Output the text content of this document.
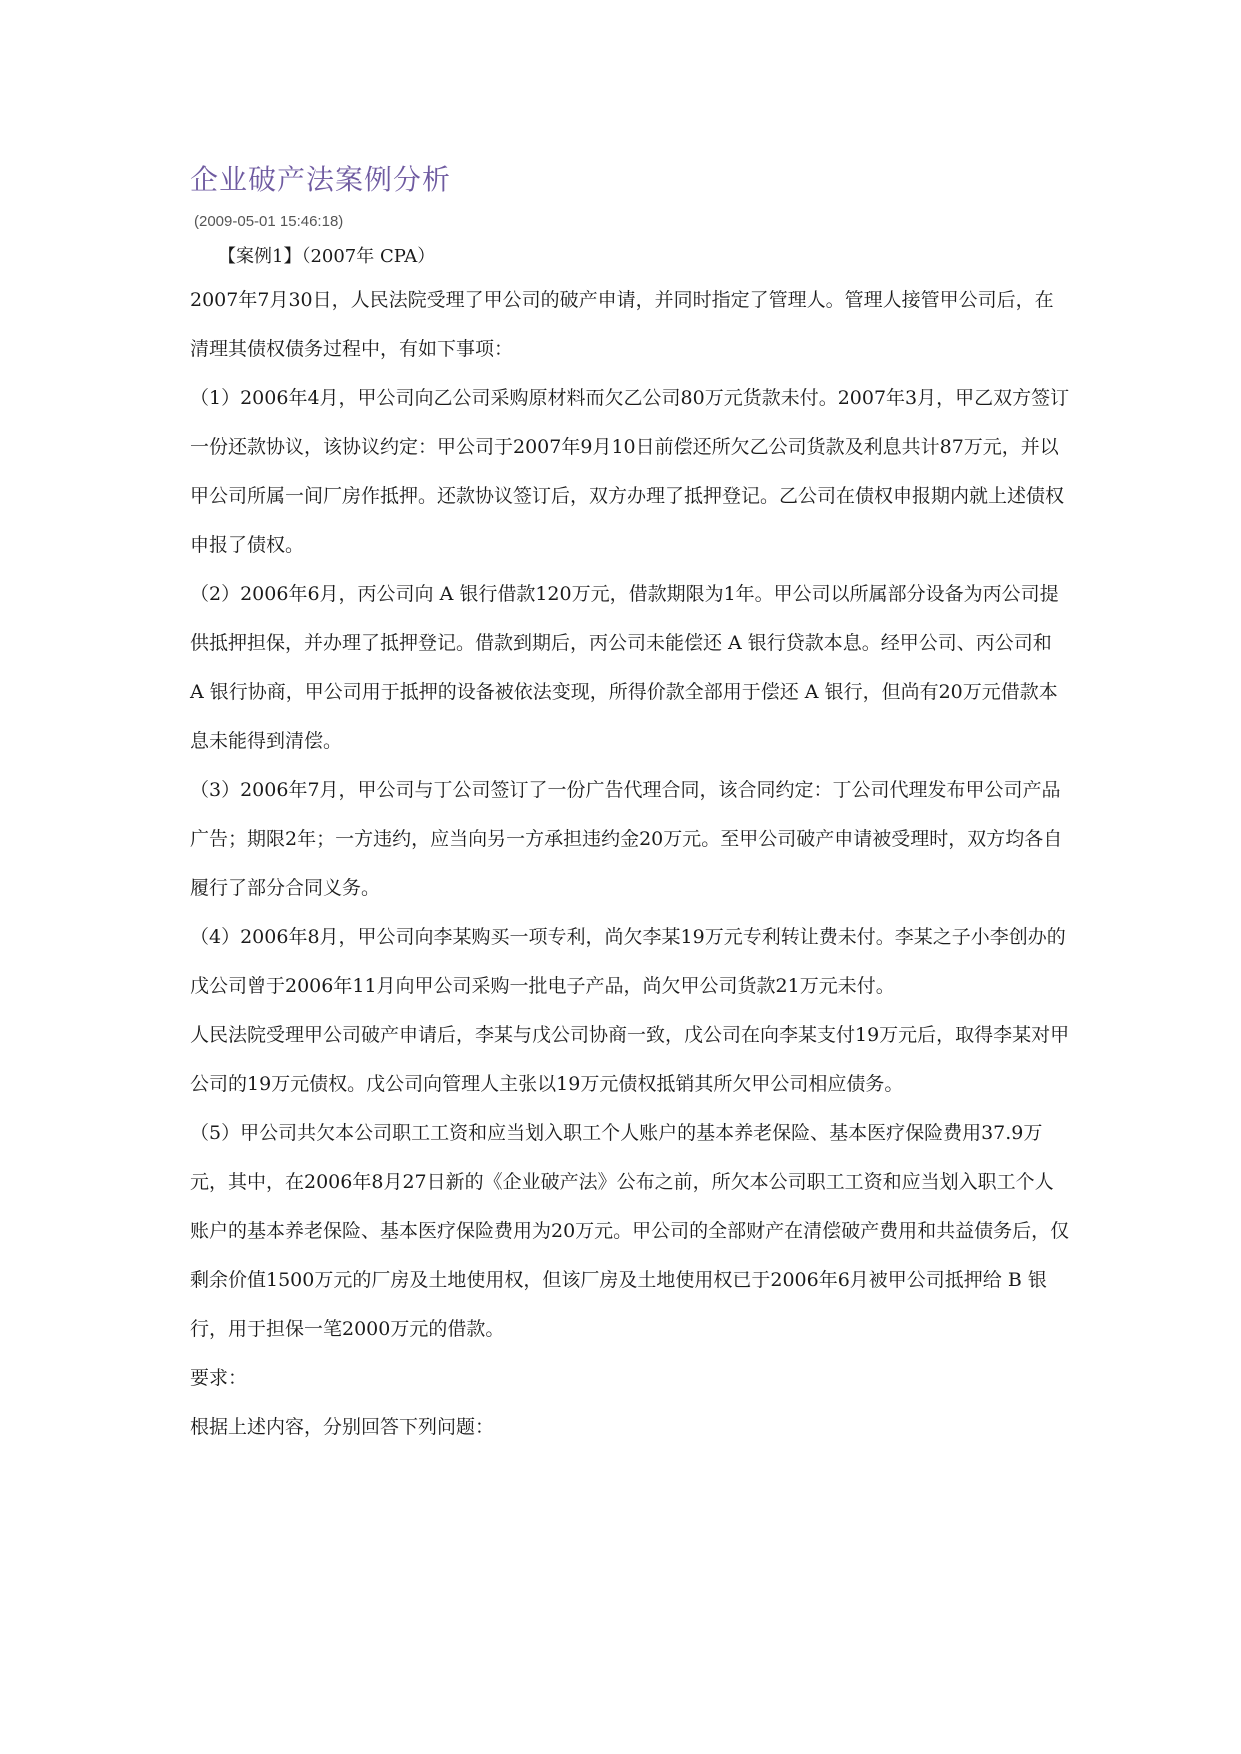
企业破产法案例分析
(2009-05-01 15:46:18)
【案例1】（2007年 CPA）

2007年7月30日，人民法院受理了甲公司的破产申请，并同时指定了管理人。管理人接管甲公司后，在清理其债权债务过程中，有如下事项：

（1）2006年4月，甲公司向乙公司采购原材料而欠乙公司80万元货款未付。2007年3月，甲乙双方签订一份还款协议，该协议约定：甲公司于2007年9月10日前偿还所欠乙公司货款及利息共计87万元，并以甲公司所属一间厂房作抵押。还款协议签订后，双方办理了抵押登记。乙公司在债权申报期内就上述债权申报了债权。

（2）2006年6月，丙公司向 A 银行借款120万元，借款期限为1年。甲公司以所属部分设备为丙公司提供抵押担保，并办理了抵押登记。借款到期后，丙公司未能偿还 A 银行贷款本息。经甲公司、丙公司和 A 银行协商，甲公司用于抵押的设备被依法变现，所得价款全部用于偿还 A 银行，但尚有20万元借款本息未能得到清偿。

（3）2006年7月，甲公司与丁公司签订了一份广告代理合同，该合同约定：丁公司代理发布甲公司产品广告；期限2年；一方违约，应当向另一方承担违约金20万元。至甲公司破产申请被受理时，双方均各自履行了部分合同义务。

（4）2006年8月，甲公司向李某购买一项专利，尚欠李某19万元专利转让费未付。李某之子小李创办的戊公司曾于2006年11月向甲公司采购一批电子产品，尚欠甲公司货款21万元未付。

人民法院受理甲公司破产申请后，李某与戊公司协商一致，戊公司在向李某支付19万元后，取得李某对甲公司的19万元债权。戊公司向管理人主张以19万元债权抵销其所欠甲公司相应债务。

（5）甲公司共欠本公司职工工资和应当划入职工个人账户的基本养老保险、基本医疗保险费用37.9万元，其中，在2006年8月27日新的《企业破产法》公布之前，所欠本公司职工工资和应当划入职工个人账户的基本养老保险、基本医疗保险费用为20万元。甲公司的全部财产在清偿破产费用和共益债务后，仅剩余价值1500万元的厂房及土地使用权，但该厂房及土地使用权已于2006年6月被甲公司抵押给 B 银行，用于担保一笔2000万元的借款。

要求：

根据上述内容，分别回答下列问题：
